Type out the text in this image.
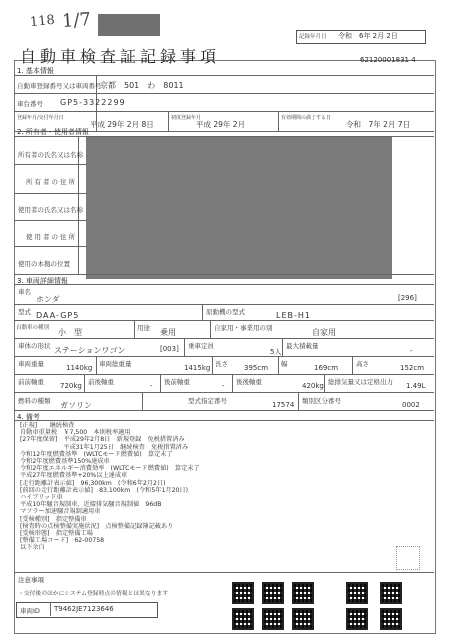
118 1/7
記録年月日 令和　6年 2月 2日
自動車検査証記録事項	62120001831 4
1. 基本情報
自動車登録番号又は車両番号
京都　501　わ　8011
車台番号 GP5-3322299
登録年月/交付年月日
平成 29年 2月 8日
初度登録年月
平成 29年 2月
有効期間の満了する日
令和　7年 2月 7日
2. 所有者・使用者情報
所有者の氏名又は名称
所有者の住所
使用者の氏名又は名称
使用者の住所
使用の本拠の位置
3. 車両詳細情報
車名
ホンダ	[296]
型式 DAA-GP5	原動機の型式	LEB-H1
自動車の種別 小　型	用途 乗用	自家用・事業用の別	自家用
車体の形状 ステーションワゴン	[003] 乗車定員
5人
最大積載量
-
車両重量	1140kg 車両総重量	1415kg 長さ 395cm 幅	169cm	高さ	152cm
前前軸重 720kg 前後軸重	- 後前軸重	- 後後軸重	420kg 総排気量又は定格出力 1.49L
燃料の種類 ガソリン	型式指定番号	17574 類別区分番号	0002
4. 備考
[正規]　　継続検査
自動車重量税　￥7,500　本則税率適用
[27年度保留]　平成29年2月8日　新規登録　免税措置済み
　　　　　　　平成31年1月25日　継続検査　免税措置済み
令和12年度燃費基準　(WLTCモード燃費値)　算定未了
令和2年度燃費基準150%達成車
令和2年度エネルギー消費効率　(WLTCモード燃費値)　算定未了
平成27年度燃費基準+20%以上達成車
[走行距離計表示値]　96,300km　(令和6年2月2日)
[前回の走行距離計表示値]　83,100km　(令和5年1月20日)
ハイブリッド車
平成10年騒音規制車、近接排気騒音規制値　96dB
マフラー加速騒音規制適用車
[受検種別]　指定整備車
[検査時の点検整備実施状況]　点検整備記録簿記載あり
[受検形態]　指定整備工場
[整備工場コード]　62-00758
以下余白
注意事項
・交付後のほかにシステム登録時点の情報とは異なります
車両ID T9462JE7123646
